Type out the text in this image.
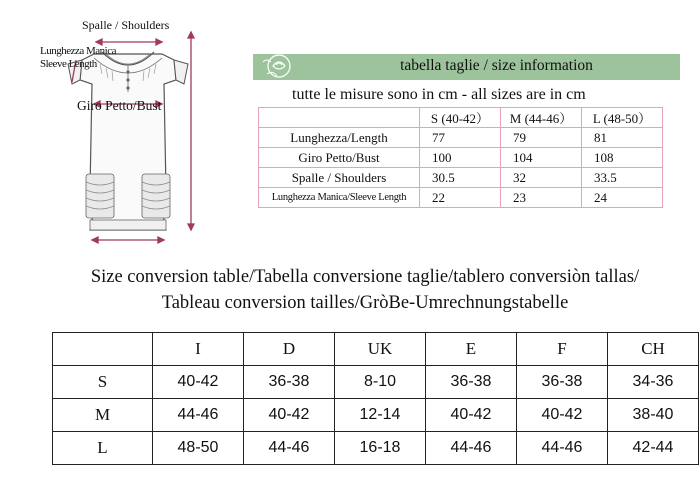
Spalle / Shoulders
Lunghezza Manica
Sleeve Length
Giro Petto/Bust
tabella taglie / size information
tutte le misure sono in cm - all sizes are in cm
	S (40-42）	M (44-46）	L (48-50）
Lunghezza/Length	77	79	81
Giro Petto/Bust	100	104	108
Spalle / Shoulders	30.5	32	33.5
Lunghezza Manica/Sleeve Length	22	23	24
Size conversion table/Tabella conversione taglie/tablero conversiòn tallas/
Tableau conversion tailles/GròBe-Umrechnungstabelle
	I	D	UK	E	F	CH
S	40-42	36-38	8-10	36-38	36-38	34-36
M	44-46	40-42	12-14	40-42	40-42	38-40
L	48-50	44-46	16-18	44-46	44-46	42-44
